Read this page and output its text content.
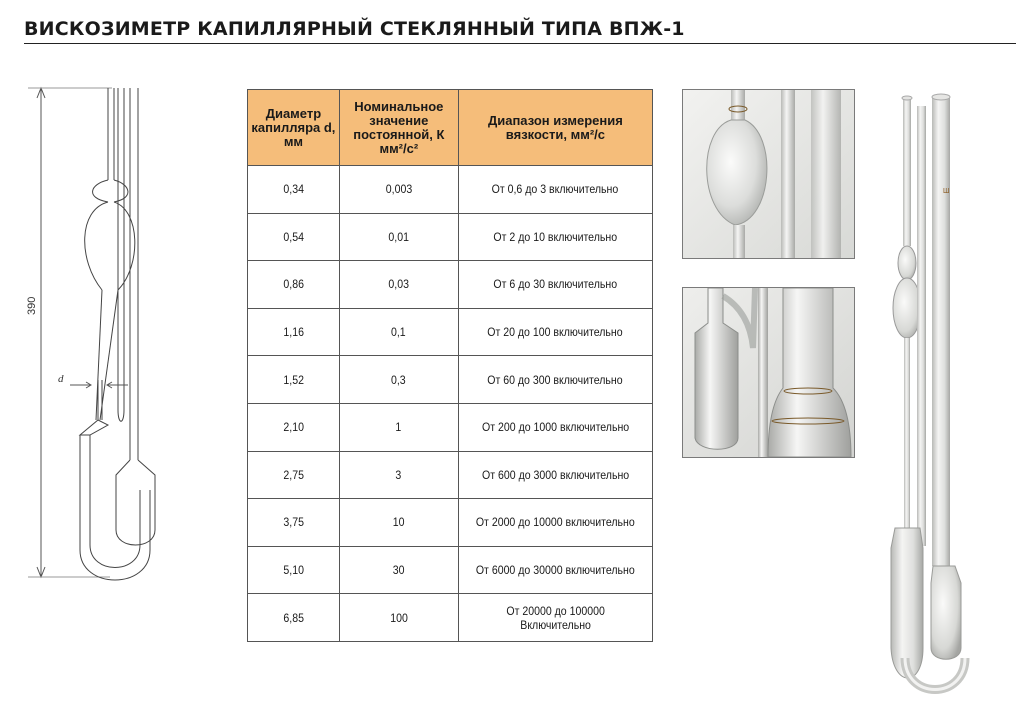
ВИСКОЗИМЕТР КАПИЛЛЯРНЫЙ СТЕКЛЯННЫЙ ТИПА ВПЖ-1
390
d
Диаметр капилляра d, мм	Номинальное значение постоянной, К мм²/с²	Диапазон измерения вязкости, мм²/с
0,34	0,003	От 0,6 до 3 включительно
0,54	0,01	От 2 до 10 включительно
0,86	0,03	От 6 до 30 включительно
1,16	0,1	От 20 до 100 включительно
1,52	0,3	От 60 до 300 включительно
2,10	1	От 200 до 1000 включительно
2,75	3	От 600 до 3000 включительно
3,75	10	От 2000 до 10000 включительно
5,10	30	От 6000 до 30000 включительно
6,85	100	От 20000 до 100000 Включительно
Ш
